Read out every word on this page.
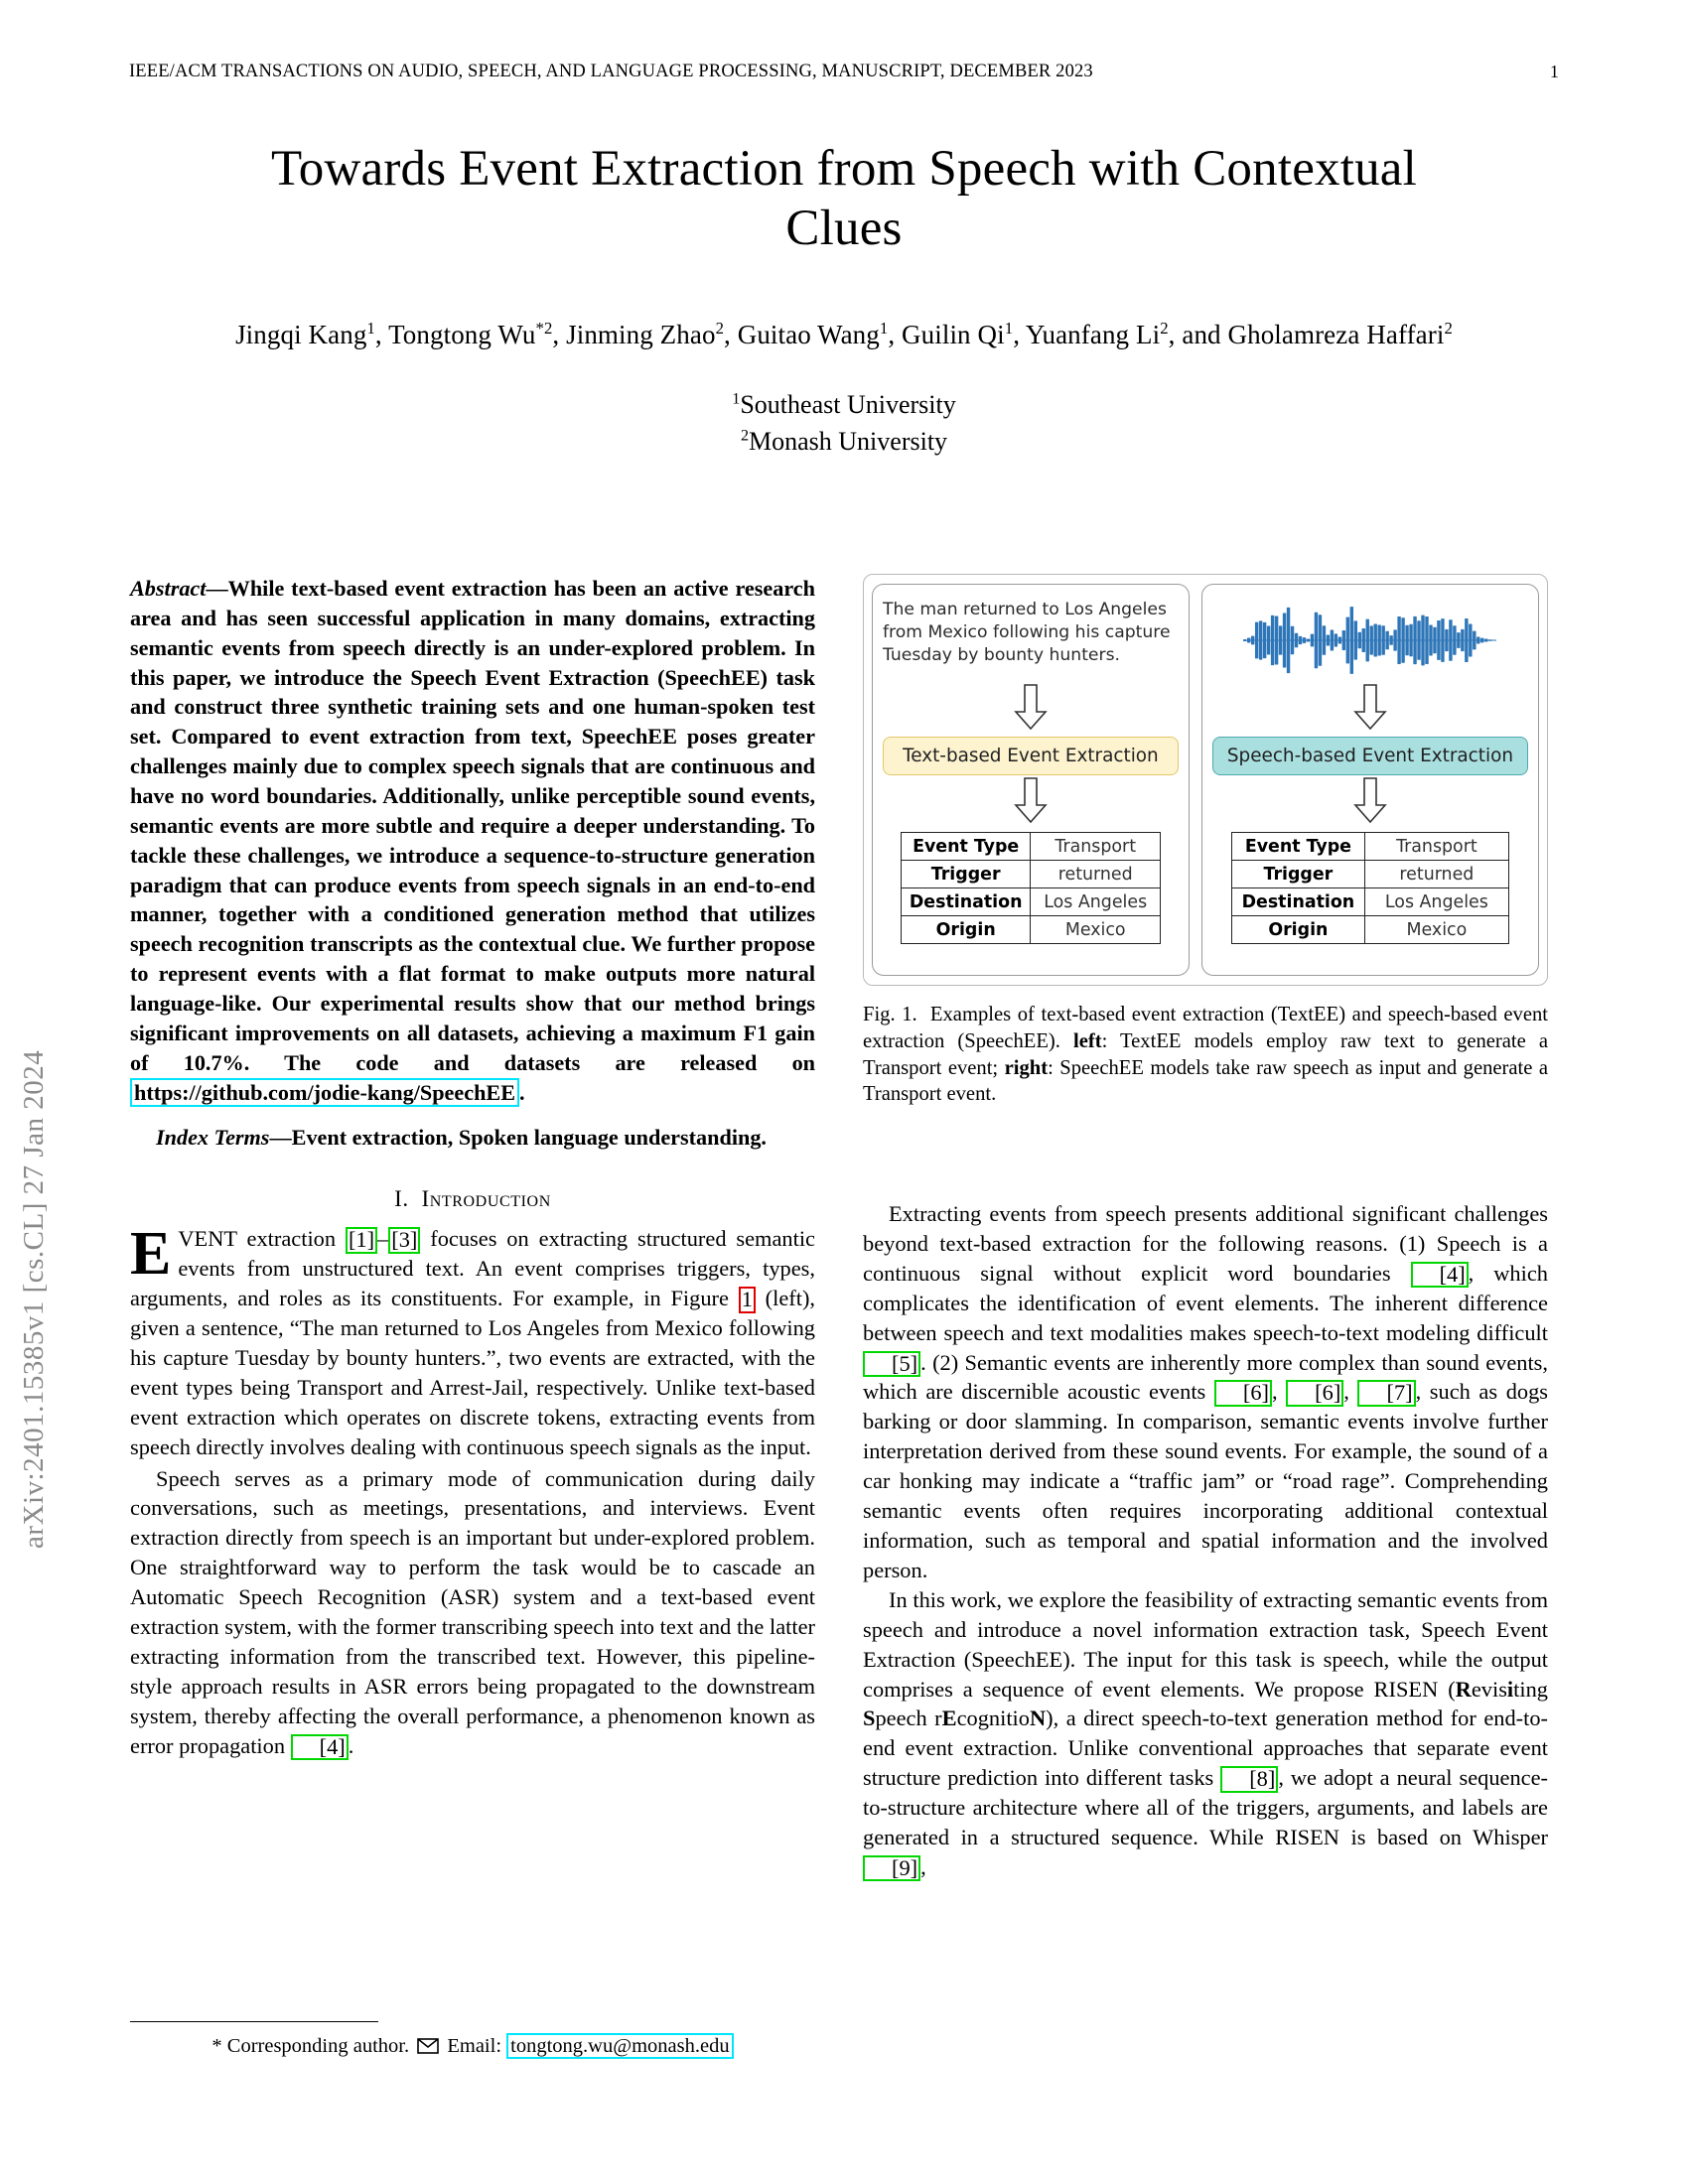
arXiv:2401.15385v1 [cs.CL] 27 Jan 2024
IEEE/ACM TRANSACTIONS ON AUDIO, SPEECH, AND LANGUAGE PROCESSING, MANUSCRIPT, DECEMBER 2023	1
Towards Event Extraction from Speech with Contextual Clues
Jingqi Kang$^1$, Tongtong Wu$^{*2}$, Jinming Zhao$^2$, Guitao Wang$^1$, Guilin Qi$^1$, Yuanfang Li$^2$, and Gholamreza Haffari$^2$
$^1$Southeast University
$^2$Monash University
Abstract—While text-based event extraction has been an active research area and has seen successful application in many domains, extracting semantic events from speech directly is an under-explored problem. In this paper, we introduce the Speech Event Extraction (SpeechEE) task and construct three synthetic training sets and one human-spoken test set. Compared to event extraction from text, SpeechEE poses greater challenges mainly due to complex speech signals that are continuous and have no word boundaries. Additionally, unlike perceptible sound events, semantic events are more subtle and require a deeper understanding. To tackle these challenges, we introduce a sequence-to-structure generation paradigm that can produce events from speech signals in an end-to-end manner, together with a conditioned generation method that utilizes speech recognition transcripts as the contextual clue. We further propose to represent events with a flat format to make outputs more natural language-like. Our experimental results show that our method brings significant improvements on all datasets, achieving a maximum F1 gain of 10.7%. The code and datasets are released on https://github.com/jodie-kang/SpeechEE .
Index Terms—Event extraction, Spoken language understanding.
I. Introduction
EVENT extraction [1] – [3] focuses on extracting structured semantic events from unstructured text. An event comprises triggers, types, arguments, and roles as its constituents. For example, in Figure 1 (left), given a sentence, “The man returned to Los Angeles from Mexico following his capture Tuesday by bounty hunters.”, two events are extracted, with the event types being Transport and Arrest-Jail, respectively. Unlike text-based event extraction which operates on discrete tokens, extracting events from speech directly involves dealing with continuous speech signals as the input.

Speech serves as a primary mode of communication during daily conversations, such as meetings, presentations, and interviews. Event extraction directly from speech is an important but under-explored problem. One straightforward way to perform the task would be to cascade an Automatic Speech Recognition (ASR) system and a text-based event extraction system, with the former transcribing speech into text and the latter extracting information from the transcribed text. However, this pipeline-style approach results in ASR errors being propagated to the downstream system, thereby affecting the overall performance, a phenomenon known as error propagation [4] .

The man returned to Los Angeles from Mexico following his capture Tuesday by bounty hunters.
Text-based Event Extraction
Event Type	Transport
Trigger	returned
Destination	Los Angeles
Origin	Mexico
Speech-based Event Extraction
Event Type	Transport
Trigger	returned
Destination	Los Angeles
Origin	Mexico
Fig. 1. Examples of text-based event extraction (TextEE) and speech-based event extraction (SpeechEE). left: TextEE models employ raw text to generate a Transport event; right: SpeechEE models take raw speech as input and generate a Transport event.

Extracting events from speech presents additional significant challenges beyond text-based extraction for the following reasons. (1) Speech is a continuous signal without explicit word boundaries [4] , which complicates the identification of event elements. The inherent difference between speech and text modalities makes speech-to-text modeling difficult [5] . (2) Semantic events are inherently more complex than sound events, which are discernible acoustic events [6] , [6] , [7] , such as dogs barking or door slamming. In comparison, semantic events involve further interpretation derived from these sound events. For example, the sound of a car honking may indicate a “traffic jam” or “road rage”. Comprehending semantic events often requires incorporating additional contextual information, such as temporal and spatial information and the involved person.

In this work, we explore the feasibility of extracting semantic events from speech and introduce a novel information extraction task, Speech Event Extraction (SpeechEE). The input for this task is speech, while the output comprises a sequence of event elements. We propose RISEN (Revisiting Speech rEcognitioN), a direct speech-to-text generation method for end-to-end event extraction. Unlike conventional approaches that separate event structure prediction into different tasks [8] , we adopt a neural sequence-to-structure architecture where all of the triggers, arguments, and labels are generated in a structured sequence. While RISEN is based on Whisper [9] ,

* Corresponding author.  Email: tongtong.wu@monash.edu
